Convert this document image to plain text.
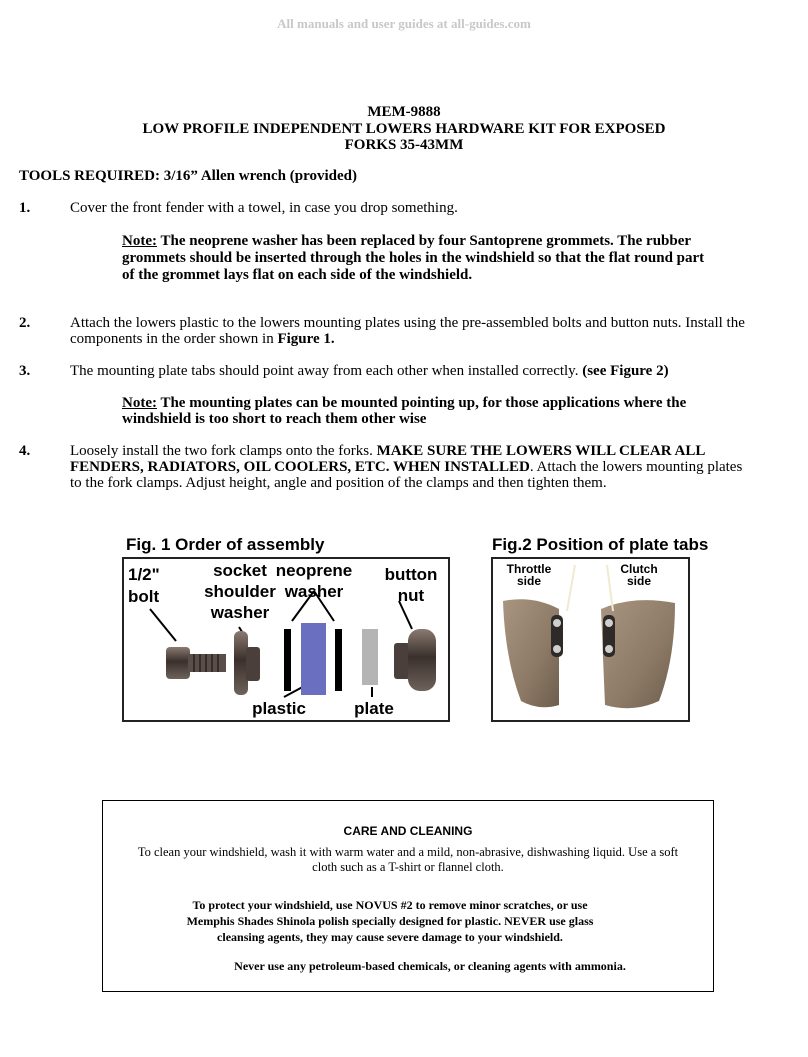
All manuals and user guides at all-guides.com
MEM-9888
LOW PROFILE INDEPENDENT LOWERS HARDWARE KIT FOR EXPOSED
FORKS 35-43MM
TOOLS REQUIRED: 3/16” Allen wrench (provided)
1.	Cover the front fender with a towel, in case you drop something.
Note: The neoprene washer has been replaced by four Santoprene grommets. The rubber
grommets should be inserted through the holes in the windshield so that the flat round part
of the grommet lays flat on each side of the windshield.
2.	Attach the lowers plastic to the lowers mounting plates using the pre-assembled bolts and button nuts. Install the
components in the order shown in Figure 1.
3.	The mounting plate tabs should point away from each other when installed correctly. (see Figure 2)
Note: The mounting plates can be mounted pointing up, for those applications where the
windshield is too short to reach them other wise
4.	Loosely install the two fork clamps onto the forks. MAKE SURE THE LOWERS WILL CLEAR ALL
FENDERS, RADIATORS, OIL COOLERS, ETC. WHEN INSTALLED. Attach the lowers mounting plates
to the fork clamps. Adjust height, angle and position of the clamps and then tighten them.
Fig. 1 Order of assembly
1/2"
bolt
socket
shoulder
washer
neoprene
washer
button
nut
plastic	plate
Fig.2 Position of plate tabs
Throttle
side
Clutch
side
CARE AND CLEANING
To clean your windshield, wash it with warm water and a mild, non-abrasive, dishwashing liquid. Use a soft
cloth such as a T-shirt or flannel cloth.
To protect your windshield, use NOVUS #2 to remove minor scratches, or use
Memphis Shades Shinola polish specially designed for plastic. NEVER use glass
cleansing agents, they may cause severe damage to your windshield.
Never use any petroleum-based chemicals, or cleaning agents with ammonia.
